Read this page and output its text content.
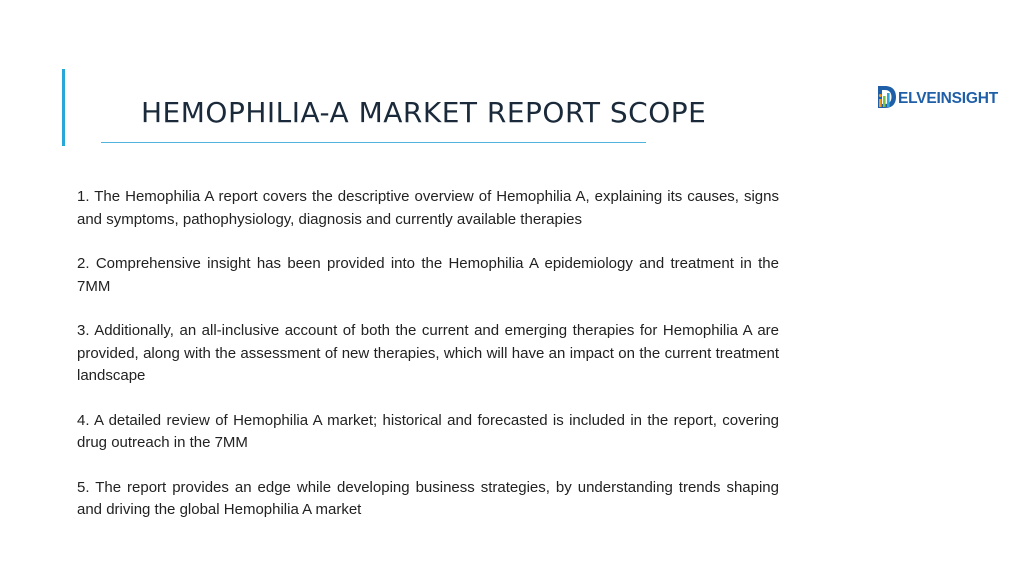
HEMOPHILIA-A MARKET REPORT SCOPE	ELVEINSIGHT

1. The Hemophilia A report covers the descriptive overview of Hemophilia A, explaining its causes, signs and symptoms, pathophysiology, diagnosis and currently available therapies

2. Comprehensive insight has been provided into the Hemophilia A epidemiology and treatment in the 7MM

3. Additionally, an all-inclusive account of both the current and emerging therapies for Hemophilia A are provided, along with the assessment of new therapies, which will have an impact on the current treatment landscape

4. A detailed review of Hemophilia A market; historical and forecasted is included in the report, covering drug outreach in the 7MM

5. The report provides an edge while developing business strategies, by understanding trends shaping and driving the global Hemophilia A market
